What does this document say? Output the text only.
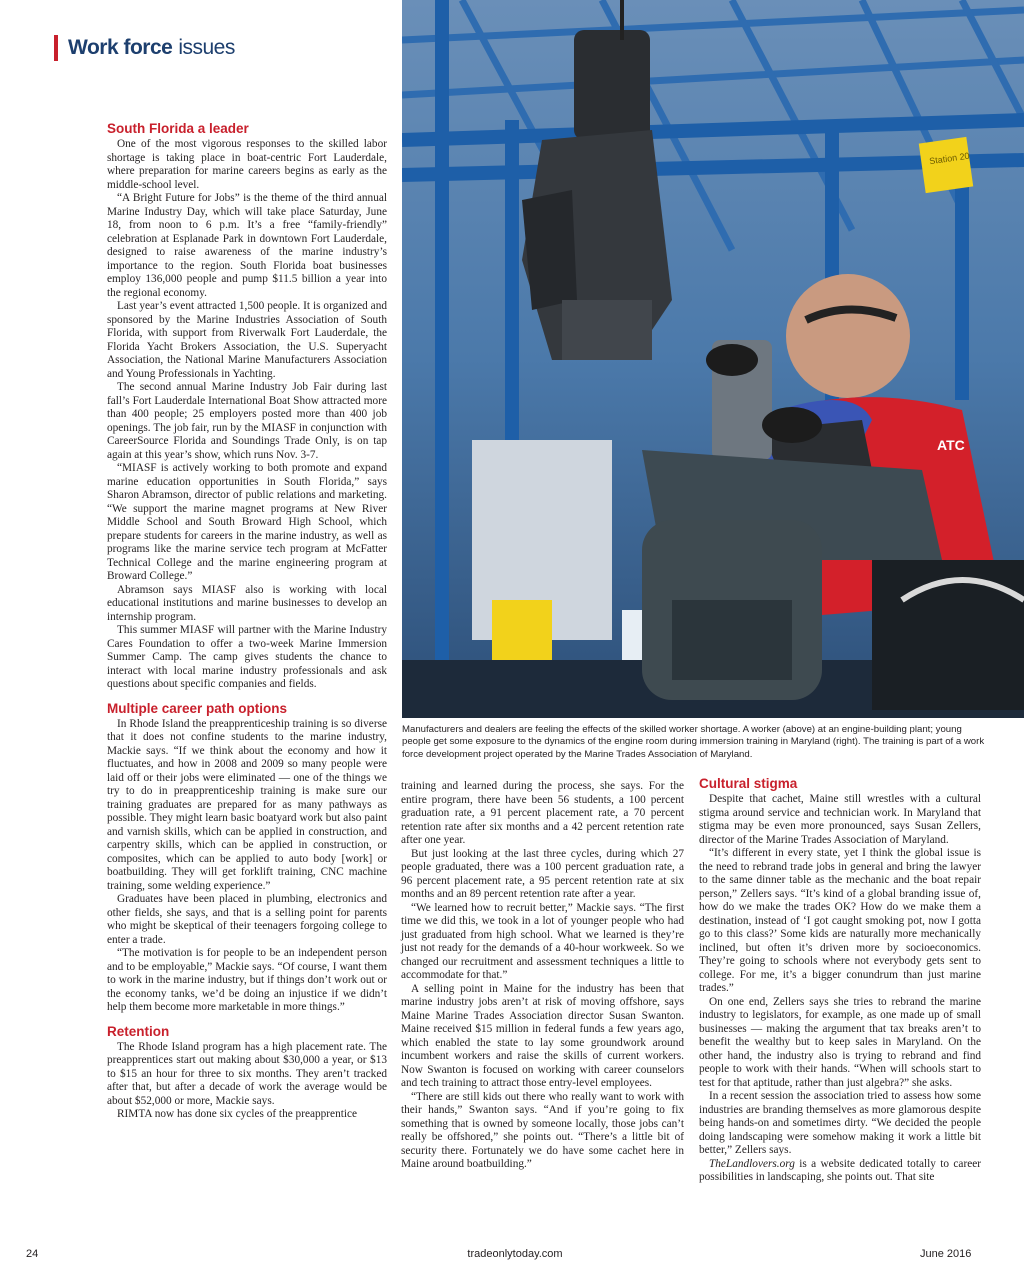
Work force issues
South Florida a leader

One of the most vigorous responses to the skilled labor shortage is taking place in boat-centric Fort Lauderdale, where preparation for marine careers begins as early as the middle-school level.

“A Bright Future for Jobs” is the theme of the third annual Marine Industry Day, which will take place Saturday, June 18, from noon to 6 p.m. It’s a free “family-friendly” celebration at Esplanade Park in downtown Fort Lauderdale, designed to raise awareness of the marine industry’s importance to the region. South Florida boat businesses employ 136,000 people and pump $11.5 billion a year into the regional economy.

Last year’s event attracted 1,500 people. It is organized and sponsored by the Marine Industries Association of South Florida, with support from Riverwalk Fort Lauderdale, the Florida Yacht Brokers Association, the U.S. Superyacht Association, the National Marine Manufacturers Association and Young Professionals in Yachting.

The second annual Marine Industry Job Fair during last fall’s Fort Lauderdale International Boat Show attracted more than 400 people; 25 employers posted more than 400 job openings. The job fair, run by the MIASF in conjunction with CareerSource Florida and Soundings Trade Only, is on tap again at this year’s show, which runs Nov. 3-7.

“MIASF is actively working to both promote and expand marine education opportunities in South Florida,” says Sharon Abramson, director of public relations and marketing. “We support the marine magnet programs at New River Middle School and South Broward High School, which prepare students for careers in the marine industry, as well as programs like the marine service tech program at McFatter Technical College and the marine engineering program at Broward College.”

Abramson says MIASF also is working with local educational institutions and marine businesses to develop an internship program.

This summer MIASF will partner with the Marine Industry Cares Foundation to offer a two-week Marine Immersion Summer Camp. The camp gives students the chance to interact with local marine industry professionals and ask questions about specific companies and fields.

Multiple career path options

In Rhode Island the preapprenticeship training is so diverse that it does not confine students to the marine industry, Mackie says. “If we think about the economy and how it fluctuates, and how in 2008 and 2009 so many people were laid off or their jobs were eliminated — one of the things we try to do in preapprenticeship training is make sure our training graduates are prepared for as many pathways as possible. They might learn basic boatyard work but also paint and varnish skills, which can be applied in construction, and carpentry skills, which can be applied in construction, or composites, which can be applied to auto body [work] or boatbuilding. They will get forklift training, CNC machine training, some welding experience.”

Graduates have been placed in plumbing, electronics and other fields, she says, and that is a selling point for parents who might be skeptical of their teenagers forgoing college to enter a trade.

“The motivation is for people to be an independent person and to be employable,” Mackie says. “Of course, I want them to work in the marine industry, but if things don’t work out or the economy tanks, we’d be doing an injustice if we didn’t help them become more marketable in more things.”

Retention

The Rhode Island program has a high placement rate. The preapprentices start out making about $30,000 a year, or $13 to $15 an hour for three to six months. They aren’t tracked after that, but after a decade of work the average would be about $52,000 or more, Mackie says.

RIMTA now has done six cycles of the preapprentice

Station 20
ATC
Manufacturers and dealers are feeling the effects of the skilled worker shortage. A worker (above) at an engine-building plant; young people get some exposure to the dynamics of the engine room during immersion training in Maryland (right). The training is part of a work force development project operated by the Marine Trades Association of Maryland.

training and learned during the process, she says. For the entire program, there have been 56 students, a 100 percent graduation rate, a 91 percent placement rate, a 70 percent retention rate after six months and a 42 percent retention rate after one year.

But just looking at the last three cycles, during which 27 people graduated, there was a 100 percent graduation rate, a 96 percent placement rate, a 95 percent retention rate at six months and an 89 percent retention rate after a year.

“We learned how to recruit better,” Mackie says. “The first time we did this, we took in a lot of younger people who had just graduated from high school. What we learned is they’re just not ready for the demands of a 40-hour workweek. So we changed our recruitment and assessment techniques a little to accommodate for that.”

A selling point in Maine for the industry has been that marine industry jobs aren’t at risk of moving offshore, says Maine Marine Trades Association director Susan Swanton. Maine received $15 million in federal funds a few years ago, which enabled the state to lay some groundwork around incumbent workers and raise the skills of current workers. Now Swanton is focused on working with career counselors and tech training to attract those entry-level employees.

“There are still kids out there who really want to work with their hands,” Swanton says. “And if you’re going to fix something that is owned by someone locally, those jobs can’t really be offshored,” she points out. “There’s a little bit of security there. Fortunately we do have some cachet here in Maine around boatbuilding.”

Cultural stigma

Despite that cachet, Maine still wrestles with a cultural stigma around service and technician work. In Maryland that stigma may be even more pronounced, says Susan Zellers, director of the Marine Trades Association of Maryland.

“It’s different in every state, yet I think the global issue is the need to rebrand trade jobs in general and bring the lawyer to the same dinner table as the mechanic and the boat repair person,” Zellers says. “It’s kind of a global branding issue of, how do we make the trades OK? How do we make them a destination, instead of ‘I got caught smoking pot, now I gotta go to this class?’ Some kids are naturally more mechanically inclined, but often it’s driven more by socioeconomics. They’re going to schools where not everybody gets sent to college. For me, it’s a bigger conundrum than just marine trades.”

On one end, Zellers says she tries to rebrand the marine industry to legislators, for example, as one made up of small businesses — making the argument that tax breaks aren’t to benefit the wealthy but to keep sales in Maryland. On the other hand, the industry also is trying to rebrand and find people to work with their hands. “When will schools start to test for that aptitude, rather than just algebra?” she asks.

In a recent session the association tried to assess how some industries are branding themselves as more glamorous despite being hands-on and sometimes dirty. “We decided the people doing landscaping were somehow making it work a little bit better,” Zellers says.

TheLandlovers.org is a website dedicated totally to career possibilities in landscaping, she points out. That site

24	tradeonlytoday.com	June 2016
